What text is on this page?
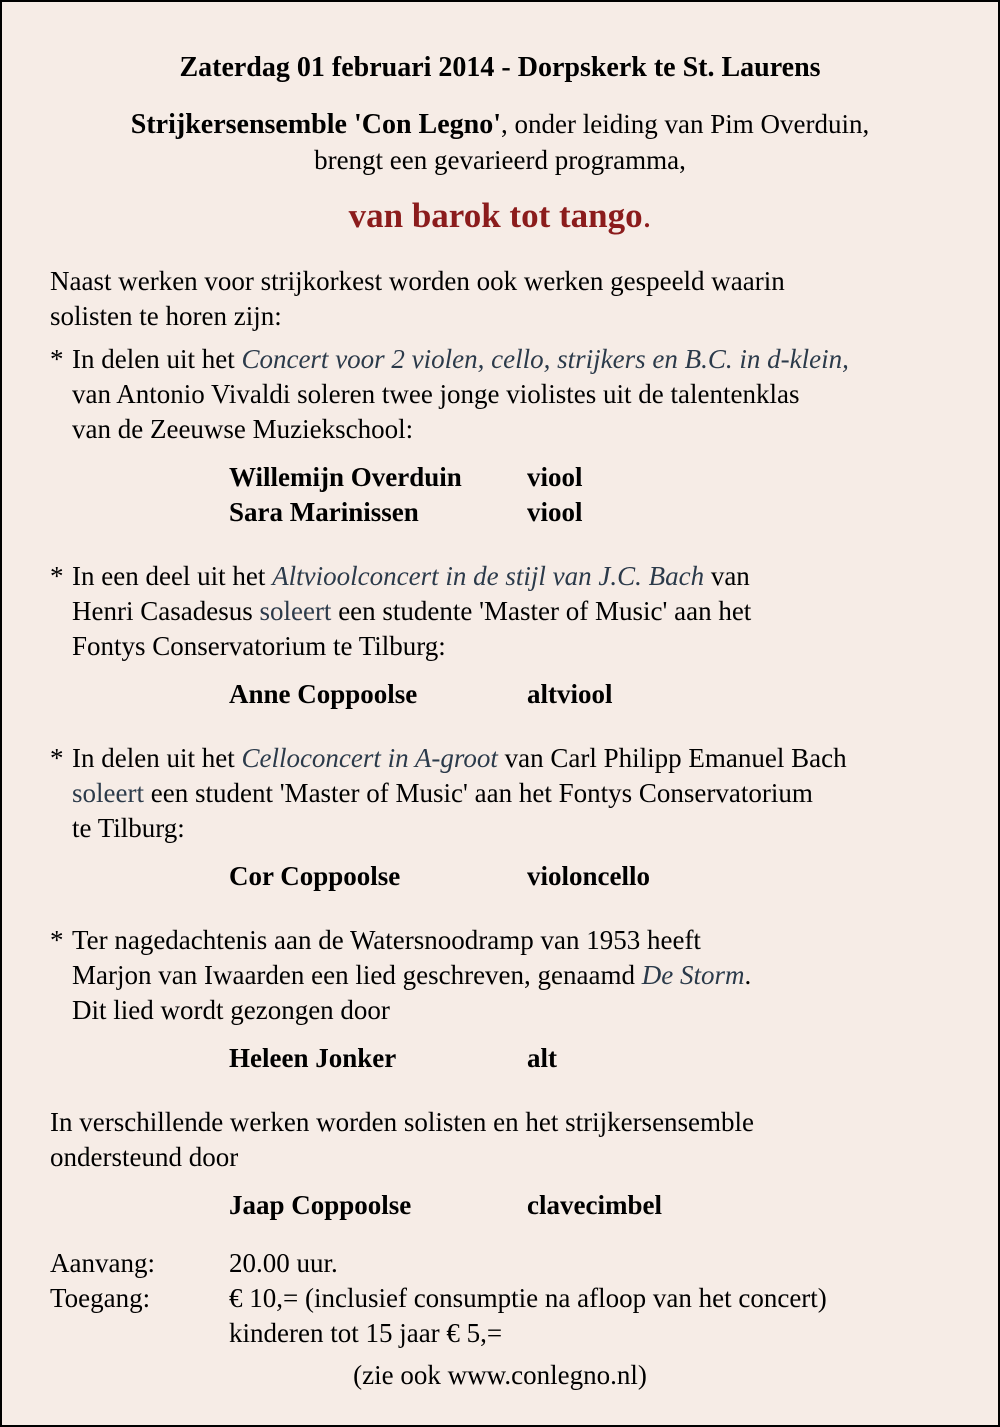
Zaterdag 01 februari 2014 - Dorpskerk te St. Laurens
Strijkersensemble 'Con Legno', onder leiding van Pim Overduin,
brengt een gevarieerd programma,
van barok tot tango.
Naast werken voor strijkorkest worden ook werken gespeeld waarin
solisten te horen zijn:
* In delen uit het Concert voor 2 violen, cello, strijkers en B.C. in d-klein,
van Antonio Vivaldi soleren twee jonge violistes uit de talentenklas
van de Zeeuwse Muziekschool:
Willemijn Overduin viool
Sara Marinissen	viool
* In een deel uit het Altvioolconcert in de stijl van J.C. Bach van
Henri Casadesus soleert een studente 'Master of Music' aan het
Fontys Conservatorium te Tilburg:
Anne Coppoolse	altviool
* In delen uit het Celloconcert in A-groot van Carl Philipp Emanuel Bach
soleert een student 'Master of Music' aan het Fontys Conservatorium
te Tilburg:
Cor Coppoolse	violoncello
* Ter nagedachtenis aan de Watersnoodramp van 1953 heeft
Marjon van Iwaarden een lied geschreven, genaamd De Storm.
Dit lied wordt gezongen door
Heleen Jonker	alt
In verschillende werken worden solisten en het strijkersensemble
ondersteund door
Jaap Coppoolse	clavecimbel
Aanvang:	20.00 uur.
Toegang:	€ 10,= (inclusief consumptie na afloop van het concert)
kinderen tot 15 jaar € 5,=
(zie ook www.conlegno.nl)
